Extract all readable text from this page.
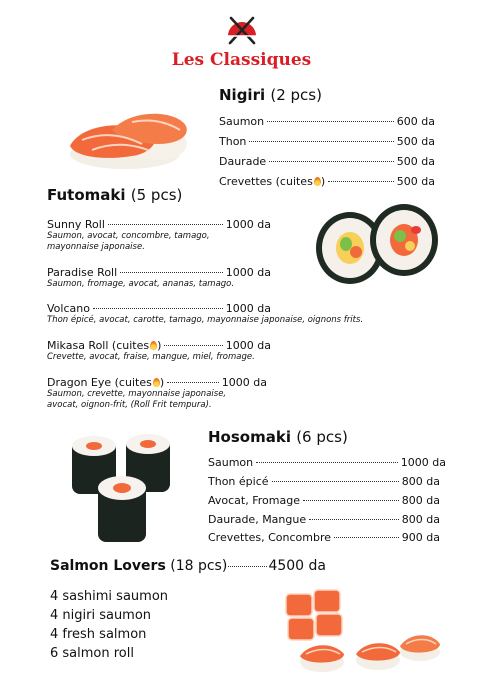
Les Classiques
Nigiri (2 pcs)
Saumon	600 da
Thon	500 da
Daurade	500 da
Crevettes (cuites )	500 da
Futomaki (5 pcs)
Sunny Roll	1000 da
Saumon, avocat, concombre, tamago, mayonnaise japonaise.
Paradise Roll	1000 da
Saumon, fromage, avocat, ananas, tamago.
Volcano	1000 da
Thon épicé, avocat, carotte, tamago, mayonnaise japonaise, oignons frits.
Mikasa Roll (cuites )	1000 da
Crevette, avocat, fraise, mangue, miel, fromage.
Dragon Eye (cuites )	1000 da
Saumon, crevette, mayonnaise japonaise, avocat, oignon-frit, (Roll Frit tempura).
Hosomaki (6 pcs)
Saumon	1000 da
Thon épicé	800 da
Avocat, Fromage	800 da
Daurade, Mangue	800 da
Crevettes, Concombre	900 da
Salmon Lovers (18 pcs)	4500 da
4 sashimi saumon
4 nigiri saumon
4 fresh salmon
6 salmon roll
